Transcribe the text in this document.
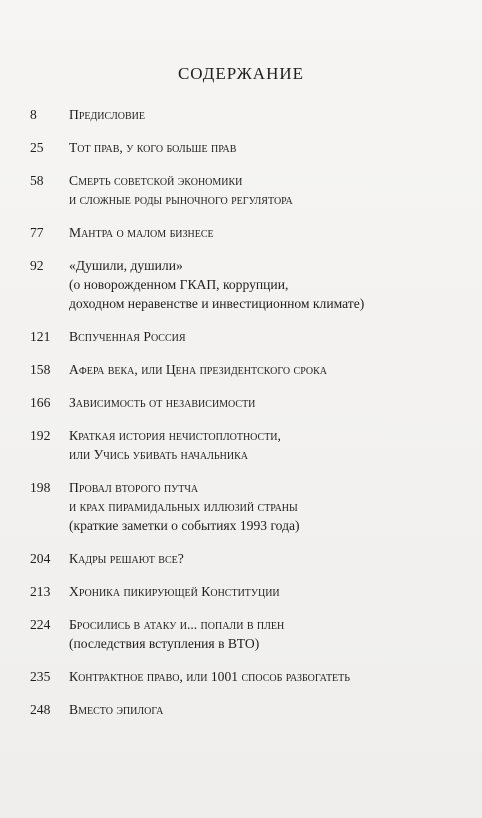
СОДЕРЖАНИЕ
8	Предисловие
25	Тот прав, у кого больше прав
58	Смерть советской экономики
и сложные роды рыночного регулятора
77	Мантра о малом бизнесе
92	«Душили, душили»
(о новорожденном ГКАП, коррупции,
доходном неравенстве и инвестиционном климате)
121	Вспученная Россия
158	Афера века, или Цена президентского срока
166	Зависимость от независимости
192	Краткая история нечистоплотности,
или Учись убивать начальника
198	Провал второго путча
и крах пирамидальных иллюзий страны
(краткие заметки о событиях 1993 года)
204	Кадры решают все?
213	Хроника пикирующей Конституции
224	Бросились в атаку и... попали в плен
(последствия вступления в ВТО)
235	Контрактное право, или 1001 способ разбогатеть
248	Вместо эпилога
